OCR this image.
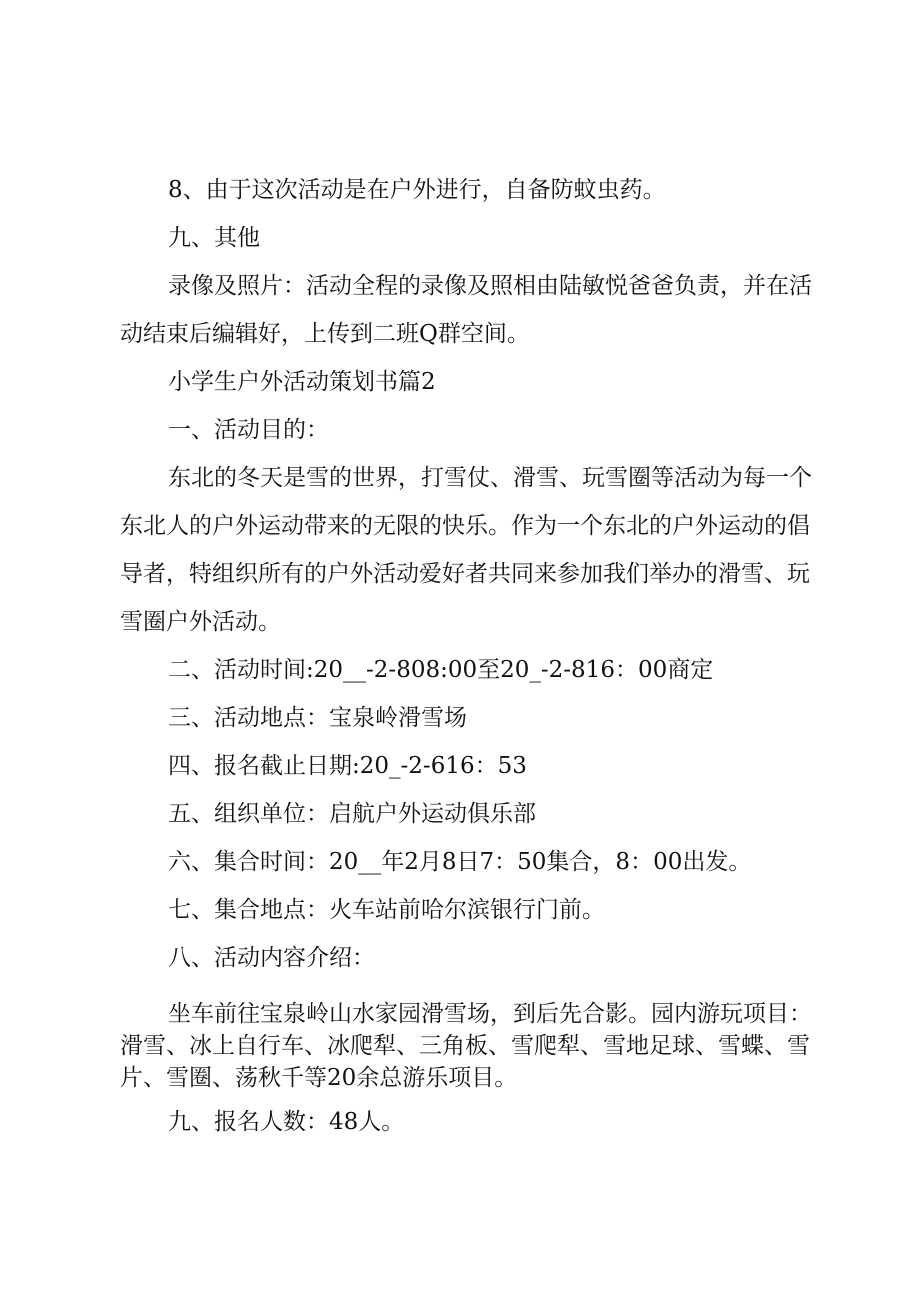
8、由于这次活动是在户外进行，自备防蚊虫药。

九、其他

录像及照片：活动全程的录像及照相由陆敏悦爸爸负责，并在活
动结束后编辑好，上传到二班Q群空间。

小学生户外活动策划书篇2

一、活动目的：

东北的冬天是雪的世界，打雪仗、滑雪、玩雪圈等活动为每一个
东北人的户外运动带来的无限的快乐。作为一个东北的户外运动的倡
导者，特组织所有的户外活动爱好者共同来参加我们举办的滑雪、玩
雪圈户外活动。

二、活动时间:20__-2-808:00至20_-2-816：00商定

三、活动地点：宝泉岭滑雪场

四、报名截止日期:20_-2-616：53

五、组织单位：启航户外运动俱乐部

六、集合时间：20__年2月8日7：50集合，8：00出发。

七、集合地点：火车站前哈尔滨银行门前。

八、活动内容介绍：

坐车前往宝泉岭山水家园滑雪场，到后先合影。园内游玩项目：
滑雪、冰上自行车、冰爬犁、三角板、雪爬犁、雪地足球、雪蝶、雪
片、雪圈、荡秋千等20余总游乐项目。

九、报名人数：48人。
